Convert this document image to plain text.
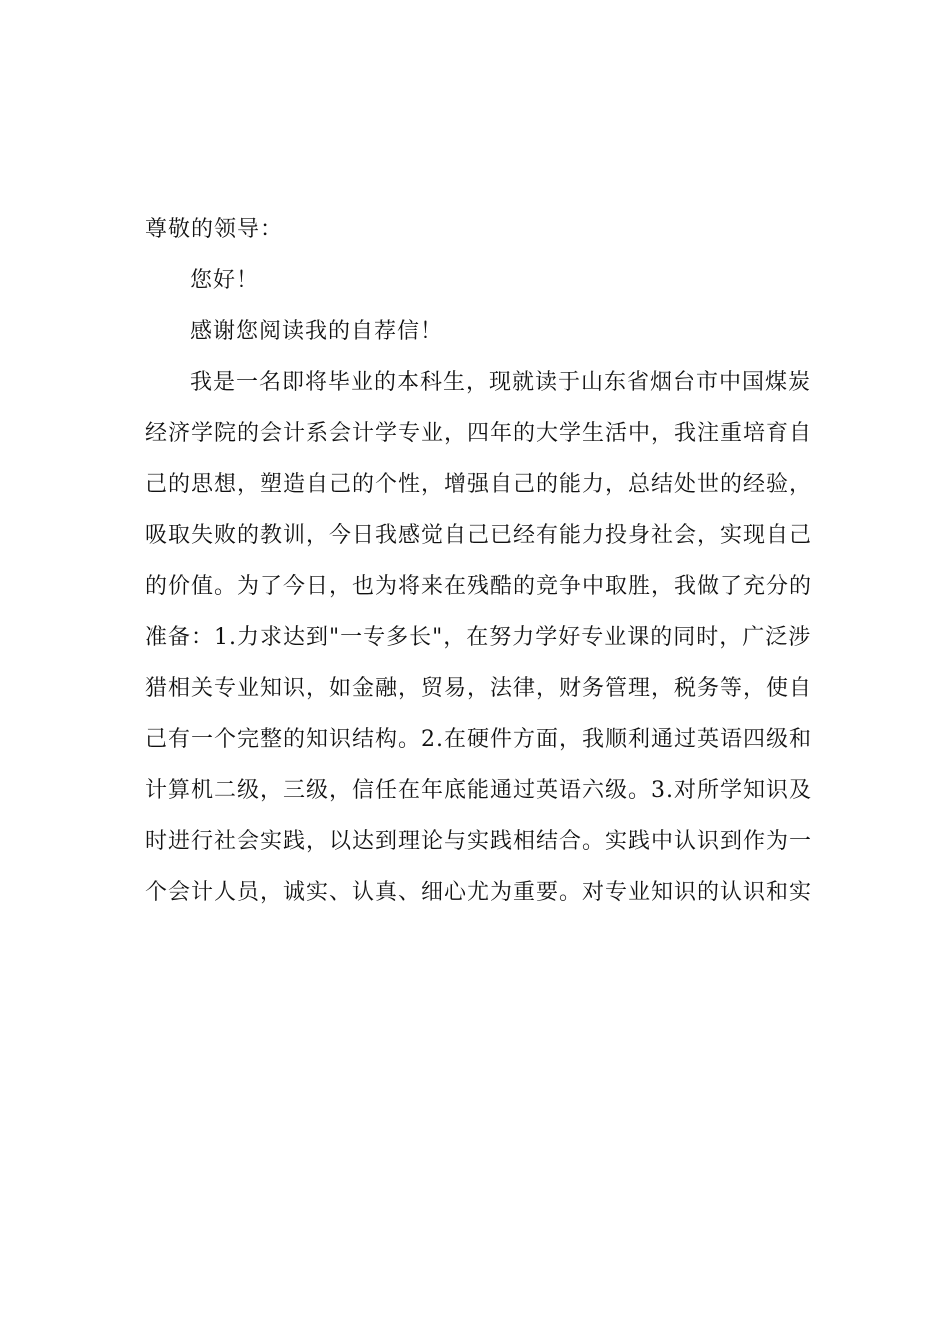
尊敬的领导：

您好！

感谢您阅读我的自荐信！

我是一名即将毕业的本科生，现就读于山东省烟台市中国煤炭
经济学院的会计系会计学专业，四年的大学生活中，我注重培育自
己的思想，塑造自己的个性，增强自己的能力，总结处世的经验，
吸取失败的教训，今日我感觉自己已经有能力投身社会，实现自己
的价值。为了今日，也为将来在残酷的竞争中取胜，我做了充分的
准备：1.力求达到"一专多长"，在努力学好专业课的同时，广泛涉
猎相关专业知识，如金融，贸易，法律，财务管理，税务等，使自
己有一个完整的知识结构。2.在硬件方面，我顺利通过英语四级和
计算机二级，三级，信任在年底能通过英语六级。3.对所学知识及
时进行社会实践，以达到理论与实践相结合。实践中认识到作为一
个会计人员，诚实、认真、细心尤为重要。对专业知识的认识和实
